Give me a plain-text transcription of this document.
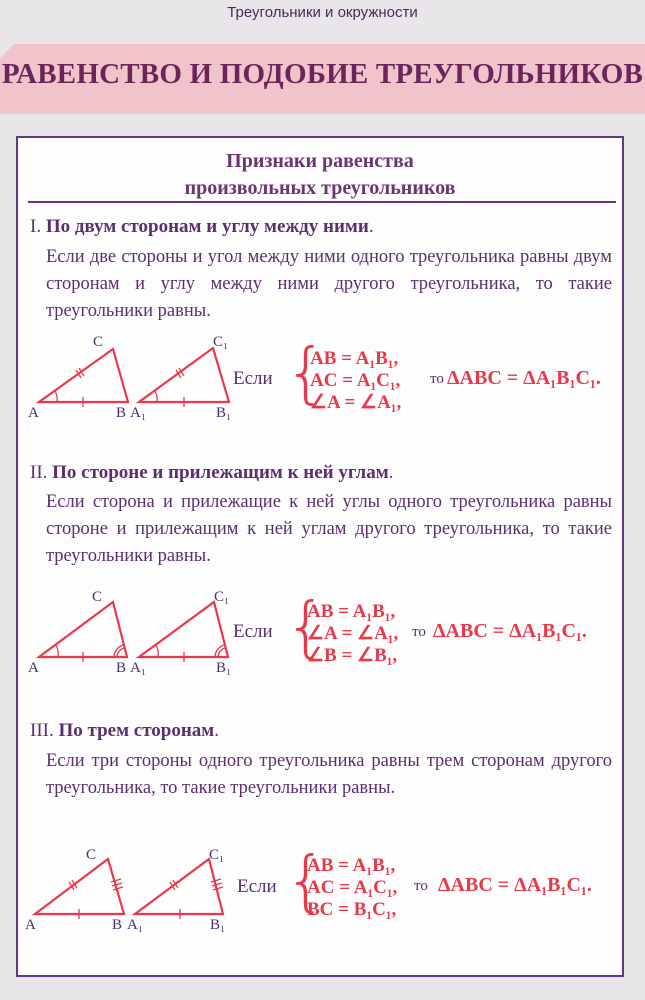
Треугольники и окружности
РАВЕНСТВО И ПОДОБИЕ ТРЕУГОЛЬНИКОВ
Признаки равенства
произвольных треугольников
I. По двум сторонам и углу между ними.
Если две стороны и угол между ними одного треугольника равны двум сторонам и углу между ними другого треугольника, то такие треугольники равны.
A	B
C
A₁	B₁
C₁
Если {
AB = A₁B₁,
AC = A₁C₁,
∠A = ∠A₁,
то ΔABC = ΔA₁B₁C₁.
II. По стороне и прилежащим к ней углам.
Если сторона и прилежащие к ней углы одного треугольника равны стороне и прилежащим к ней углам другого треугольника, то такие треугольники равны.
A	B
C
A₁	B₁
C₁
Если {
AB = A₁B₁,
∠A = ∠A₁,
∠B = ∠B₁,
то ΔABC = ΔA₁B₁C₁.
III. По трем сторонам.
Если три стороны одного треугольника равны трем сторонам другого треугольника, то такие треугольники равны.
A	B
C
A₁	B₁
C₁
Если {
AB = A₁B₁,
AC = A₁C₁,
BC = B₁C₁,
то ΔABC = ΔA₁B₁C₁.
